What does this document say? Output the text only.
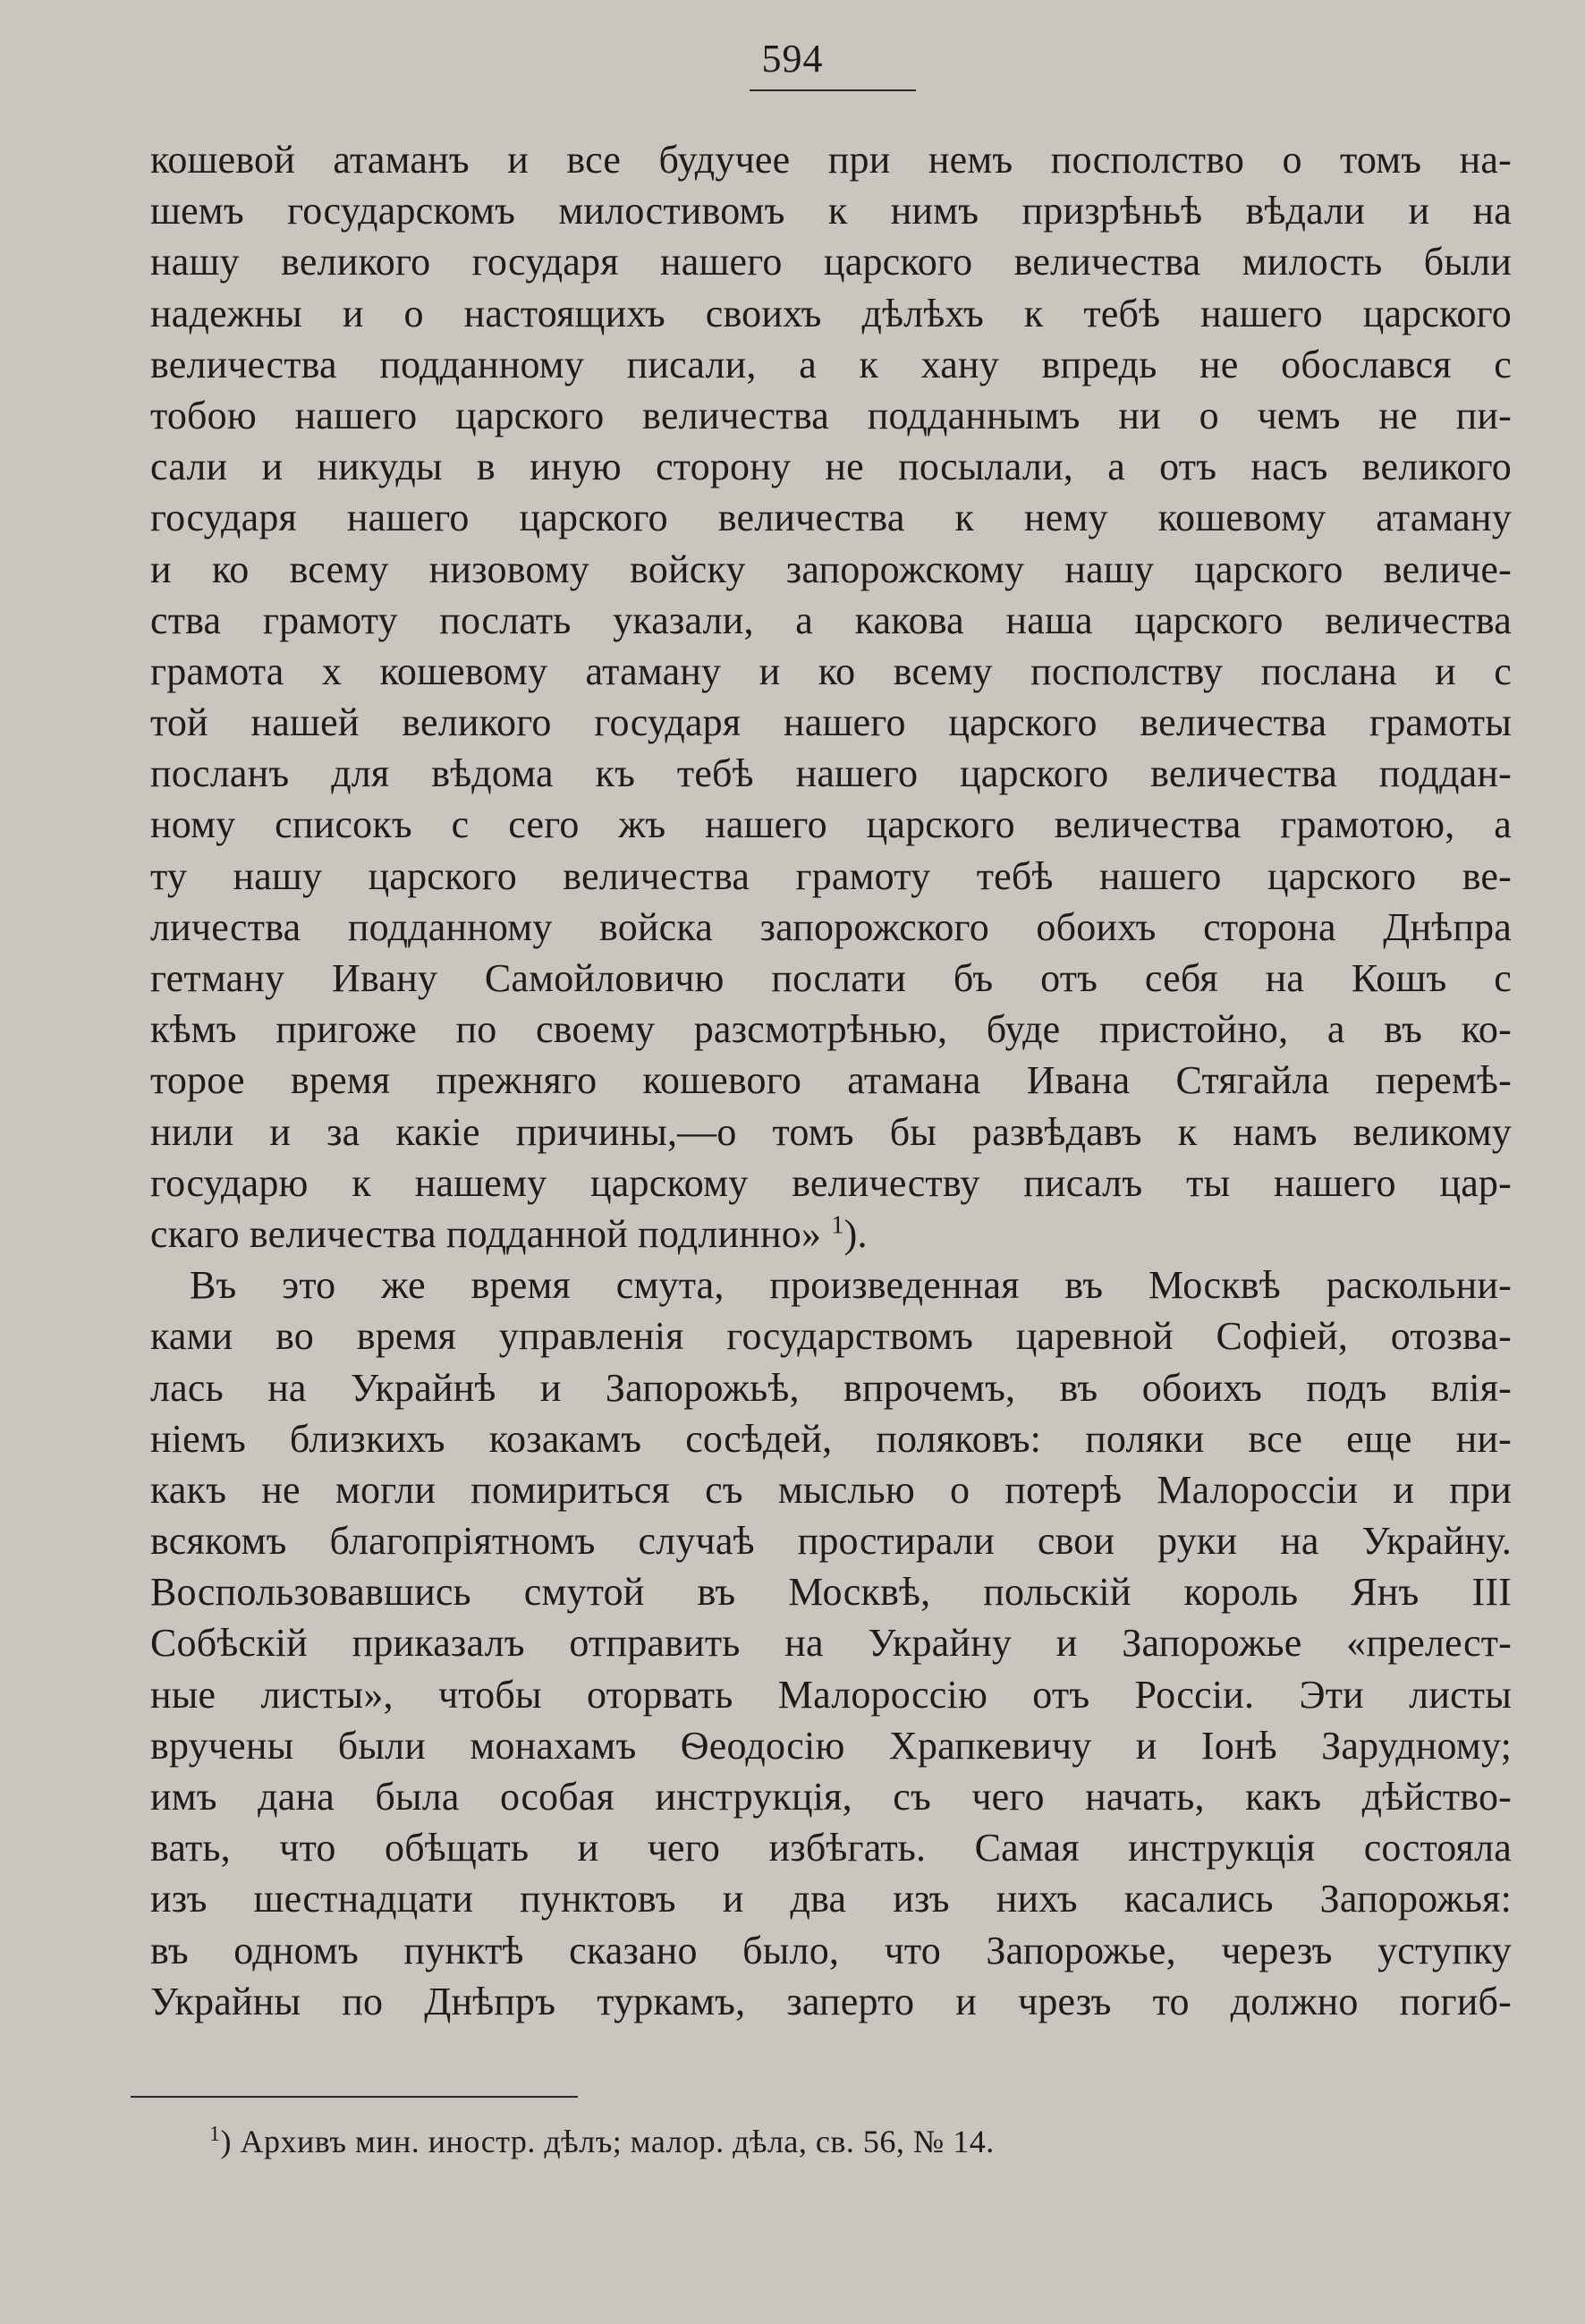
594
кошевой атаманъ и все будучее при немъ посполство о томъ на-
шемъ государскомъ милостивомъ к нимъ призрѣньѣ вѣдали и на
нашу великого государя нашего царского величества милость были
надежны и о настоящихъ своихъ дѣлѣхъ к тебѣ нашего царского
величества подданному писали, а к хану впредь не обослався с
тобою нашего царского величества подданнымъ ни о чемъ не пи-
сали и никуды в иную сторону не посылали, а отъ насъ великого
государя нашего царского величества к нему кошевому атаману
и ко всему низовому войску запорожскому нашу царского величе-
ства грамоту послать указали, а какова наша царского величества
грамота х кошевому атаману и ко всему посполству послана и с
той нашей великого государя нашего царского величества грамоты
посланъ для вѣдома къ тебѣ нашего царского величества поддан-
ному списокъ с сего жъ нашего царского величества грамотою, а
ту нашу царского величества грамоту тебѣ нашего царского ве-
личества подданному войска запорожского обоихъ сторона Днѣпра
гетману Ивану Самойловичю послати бъ отъ себя на Кошъ с
кѣмъ пригоже по своему разсмотрѣнью, буде пристойно, а въ ко-
торое время прежняго кошевого атамана Ивана Стягайла перемѣ-
нили и за какіе причины,—о томъ бы развѣдавъ к намъ великому
государю к нашему царскому величеству писалъ ты нашего цар-
скаго величества подданной подлинно» $^1$).
Въ это же время смута, произведенная въ Москвѣ раскольни-
ками во время управленія государствомъ царевной Софіей, отозва-
лась на Украйнѣ и Запорожьѣ, впрочемъ, въ обоихъ подъ влія-
ніемъ близкихъ козакамъ сосѣдей, поляковъ: поляки все еще ни-
какъ не могли помириться съ мыслью о потерѣ Малороссіи и при
всякомъ благопріятномъ случаѣ простирали свои руки на Украйну.
Воспользовавшись смутой въ Москвѣ, польскій король Янъ III
Собѣскій приказалъ отправить на Украйну и Запорожье «прелест-
ные листы», чтобы оторвать Малороссію отъ Россіи. Эти листы
вручены были монахамъ Ѳеодосію Храпкевичу и Іонѣ Зарудному;
имъ дана была особая инструкція, съ чего начать, какъ дѣйство-
вать, что обѣщать и чего избѣгать. Самая инструкція состояла
изъ шестнадцати пунктовъ и два изъ нихъ касались Запорожья:
въ одномъ пунктѣ сказано было, что Запорожье, черезъ уступку
Украйны по Днѣпръ туркамъ, заперто и чрезъ то должно погиб-
$^1$) Архивъ мин. иностр. дѣлъ; малор. дѣла, св. 56, № 14.
